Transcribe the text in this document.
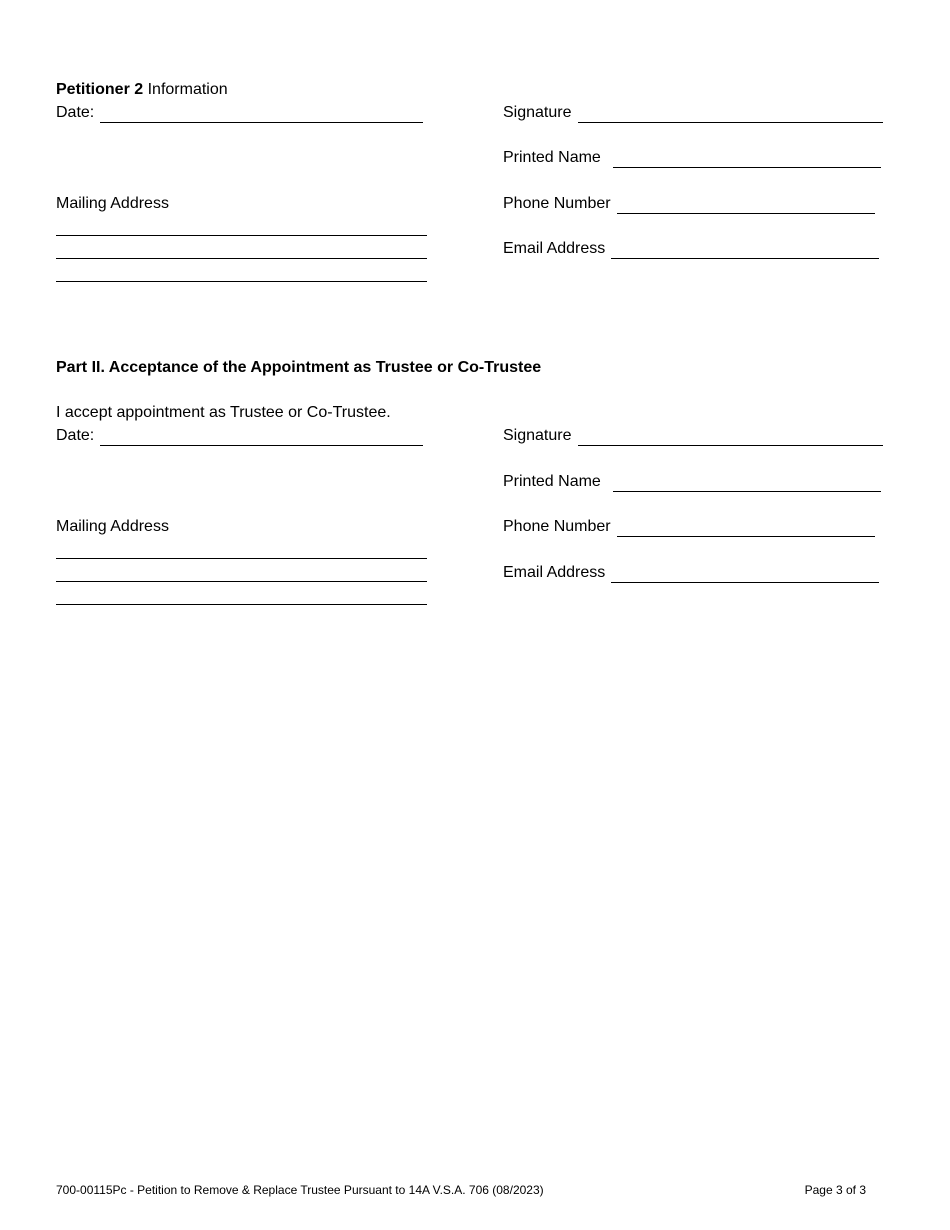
Petitioner 2 Information
Date:
Mailing Address
Signature
Printed Name
Phone Number
Email Address
Part II. Acceptance of the Appointment as Trustee or Co-Trustee
I accept appointment as Trustee or Co-Trustee.
Date:
Mailing Address
Signature
Printed Name
Phone Number
Email Address
700-00115Pc - Petition to Remove & Replace Trustee Pursuant to 14A V.S.A. 706 (08/2023)	Page 3 of 3
